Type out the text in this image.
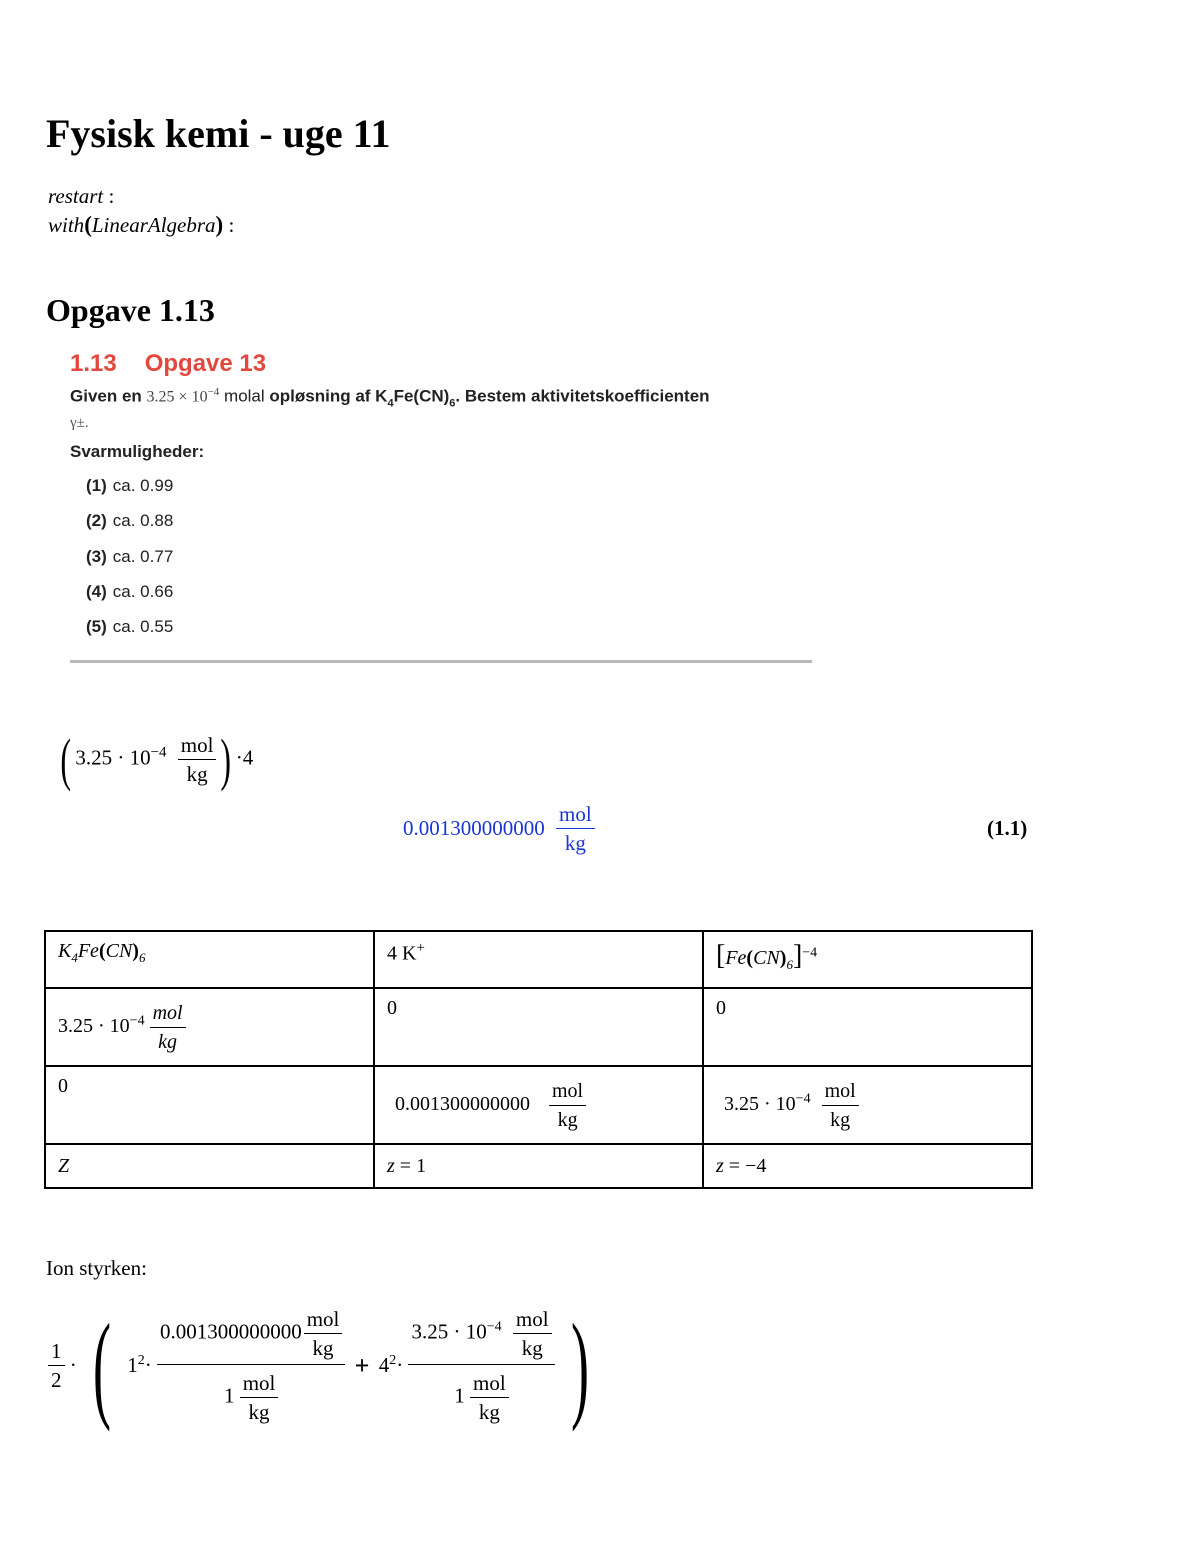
Fysisk kemi - uge 11
restart :
with(LinearAlgebra) :
Opgave 1.13
1.13 Opgave 13
Given en $3.25 \times 10^{-4}$ molal opløsning af $K_4Fe(CN)_6$. Bestem aktivitetskoefficienten
γ±.
Svarmuligheder:
(1) ca. 0.99
(2) ca. 0.88
(3) ca. 0.77
(4) ca. 0.66
(5) ca. 0.55
( $3.25 \cdot 10^{-4} \frac{\text{mol}}{kg}$ ) ·4
$0.001300000000 \frac{\text{mol}}{kg}$	(1.1)
$K_4Fe(CN)_6$	4 K+	$[Fe(CN)_6]^{-4}$
$3.25 \cdot 10^{-4} \frac{\text{mol}}{kg}$	0	0
0	$0.001300000000 \frac{\text{mol}}{kg}$	$3.25 \cdot 10^{-4} \frac{\text{mol}}{kg}$

Z	z = 1	z = −4
Ion styrken:
$\frac{1}{2}$ · ( $1^2\cdot \frac{0.001300000000 \frac{\text{mol}}{kg}}{1 \frac{\text{mol}}{kg}} + 4^2\cdot \frac{3.25 \cdot 10^{-4} \frac{\text{mol}}{kg}}{1 \frac{\text{mol}}{kg}}$ )
